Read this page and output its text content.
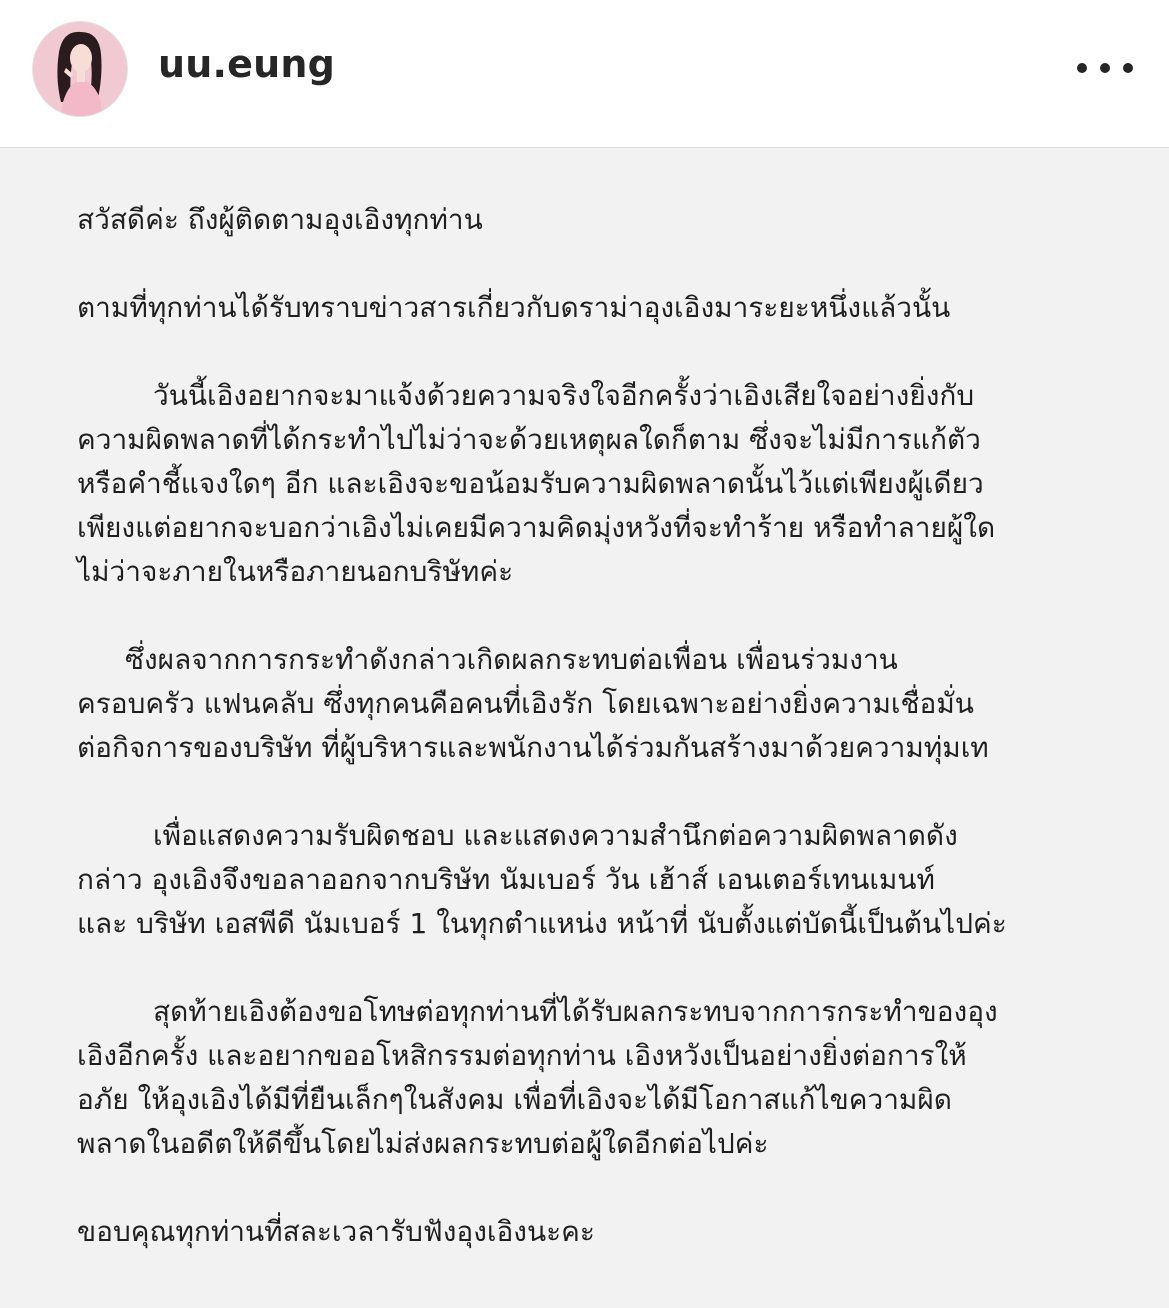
uu.eung

สวัสดีค่ะ ถึงผู้ติดตามอุงเอิงทุกท่าน

ตามที่ทุกท่านได้รับทราบข่าวสารเกี่ยวกับดราม่าอุงเอิงมาระยะหนึ่งแล้วนั้น

วันนี้เอิงอยากจะมาแจ้งด้วยความจริงใจอีกครั้งว่าเอิงเสียใจอย่างยิ่งกับ

ความผิดพลาดที่ได้กระทำไปไม่ว่าจะด้วยเหตุผลใดก็ตาม ซึ่งจะไม่มีการแก้ตัว

หรือคำชี้แจงใดๆ อีก และเอิงจะขอน้อมรับความผิดพลาดนั้นไว้แต่เพียงผู้เดียว

เพียงแต่อยากจะบอกว่าเอิงไม่เคยมีความคิดมุ่งหวังที่จะทำร้าย หรือทำลายผู้ใด

ไม่ว่าจะภายในหรือภายนอกบริษัทค่ะ

ซึ่งผลจากการกระทำดังกล่าวเกิดผลกระทบต่อเพื่อน เพื่อนร่วมงาน

ครอบครัว แฟนคลับ ซึ่งทุกคนคือคนที่เอิงรัก โดยเฉพาะอย่างยิ่งความเชื่อมั่น

ต่อกิจการของบริษัท ที่ผู้บริหารและพนักงานได้ร่วมกันสร้างมาด้วยความทุ่มเท

เพื่อแสดงความรับผิดชอบ และแสดงความสำนึกต่อความผิดพลาดดัง

กล่าว อุงเอิงจึงขอลาออกจากบริษัท นัมเบอร์ วัน เฮ้าส์ เอนเตอร์เทนเมนท์

และ บริษัท เอสพีดี นัมเบอร์ 1 ในทุกตำแหน่ง หน้าที่ นับตั้งแต่บัดนี้เป็นต้นไปค่ะ

สุดท้ายเอิงต้องขอโทษต่อทุกท่านที่ได้รับผลกระทบจากการกระทำของอุง

เอิงอีกครั้ง และอยากขออโหสิกรรมต่อทุกท่าน เอิงหวังเป็นอย่างยิ่งต่อการให้

อภัย ให้อุงเอิงได้มีที่ยืนเล็กๆในสังคม เพื่อที่เอิงจะได้มีโอกาสแก้ไขความผิด

พลาดในอดีตให้ดีขึ้นโดยไม่ส่งผลกระทบต่อผู้ใดอีกต่อไปค่ะ

ขอบคุณทุกท่านที่สละเวลารับฟังอุงเอิงนะคะ
